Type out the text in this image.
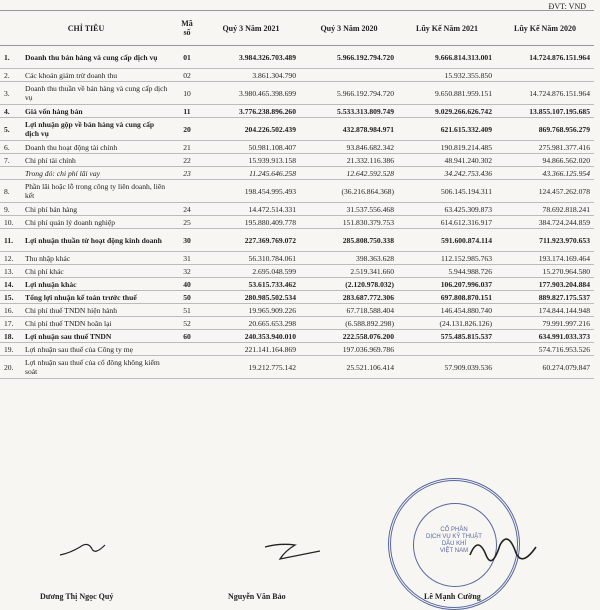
ĐVT: VND
CHỈ TIÊU		Mã
số	Quý 3 Năm 2021	Quý 3 Năm 2020	Lũy Kế Năm 2021	Lũy Kế Năm 2020
1.	Doanh thu bán hàng và cung cấp dịch vụ	01	3.984.326.703.489	5.966.192.794.720	9.666.814.313.001	14.724.876.151.964
2.	Các khoản giảm trừ doanh thu	02	3.861.304.790		15.932.355.850	
3.	Doanh thu thuần về bán hàng và cung cấp dịch vụ	10	3.980.465.398.699	5.966.192.794.720	9.650.881.959.151	14.724.876.151.964
4.	Giá vốn hàng bán	11	3.776.238.896.260	5.533.313.809.749	9.029.266.626.742	13.855.107.195.685
5.	Lợi nhuận gộp về bán hàng và cung cấp dịch vụ	20	204.226.502.439	432.878.984.971	621.615.332.409	869.768.956.279
6.	Doanh thu hoạt động tài chính	21	50.981.108.407	93.846.682.342	190.819.214.485	275.981.377.416
7.	Chi phí tài chính	22	15.939.913.158	21.332.116.386	48.941.240.302	94.866.562.020
	Trong đó: chi phí lãi vay	23	11.245.646.258	12.642.592.528	34.242.753.436	43.366.125.954
8.	Phần lãi hoặc lỗ trong công ty liên doanh, liên kết		198.454.995.493	(36.216.864.368)	506.145.194.311	124.457.262.078
9.	Chi phí bán hàng	24	14.472.514.331	31.537.556.468	63.425.309.873	78.692.818.241
10.	Chi phí quản lý doanh nghiệp	25	195.880.409.778	151.830.379.753	614.612.316.917	384.724.244.859
11.	Lợi nhuận thuần từ hoạt động kinh doanh	30	227.369.769.072	285.808.750.338	591.600.874.114	711.923.970.653
12.	Thu nhập khác	31	56.310.784.061	398.363.628	112.152.985.763	193.174.169.464
13.	Chi phí khác	32	2.695.048.599	2.519.341.660	5.944.988.726	15.270.964.580
14.	Lợi nhuận khác	40	53.615.733.462	(2.120.978.032)	106.207.996.037	177.903.204.884
15.	Tổng lợi nhuận kế toán trước thuế	50	280.985.502.534	283.687.772.306	697.808.870.151	889.827.175.537
16.	Chi phí thuế TNDN hiện hành	51	19.965.909.226	67.718.588.404	146.454.880.740	174.844.144.948
17.	Chi phí thuế TNDN hoãn lại	52	20.665.653.298	(6.588.892.298)	(24.131.826.126)	79.991.997.216
18.	Lợi nhuận sau thuế TNDN	60	240.353.940.010	222.558.076.200	575.485.815.537	634.991.033.373
19.	Lợi nhuận sau thuế của Công ty mẹ		221.141.164.869	197.036.969.786		574.716.953.526
20.	Lợi nhuận sau thuế của cổ đông không kiểm soát		19.212.775.142	25.521.106.414	57.909.039.536	60.274.079.847
CỔ PHẦN
DỊCH VỤ KỸ THUẬT
DẦU KHÍ
VIỆT NAM
Dương Thị Ngọc Quý	Nguyễn Văn Bảo	Lê Mạnh Cường
